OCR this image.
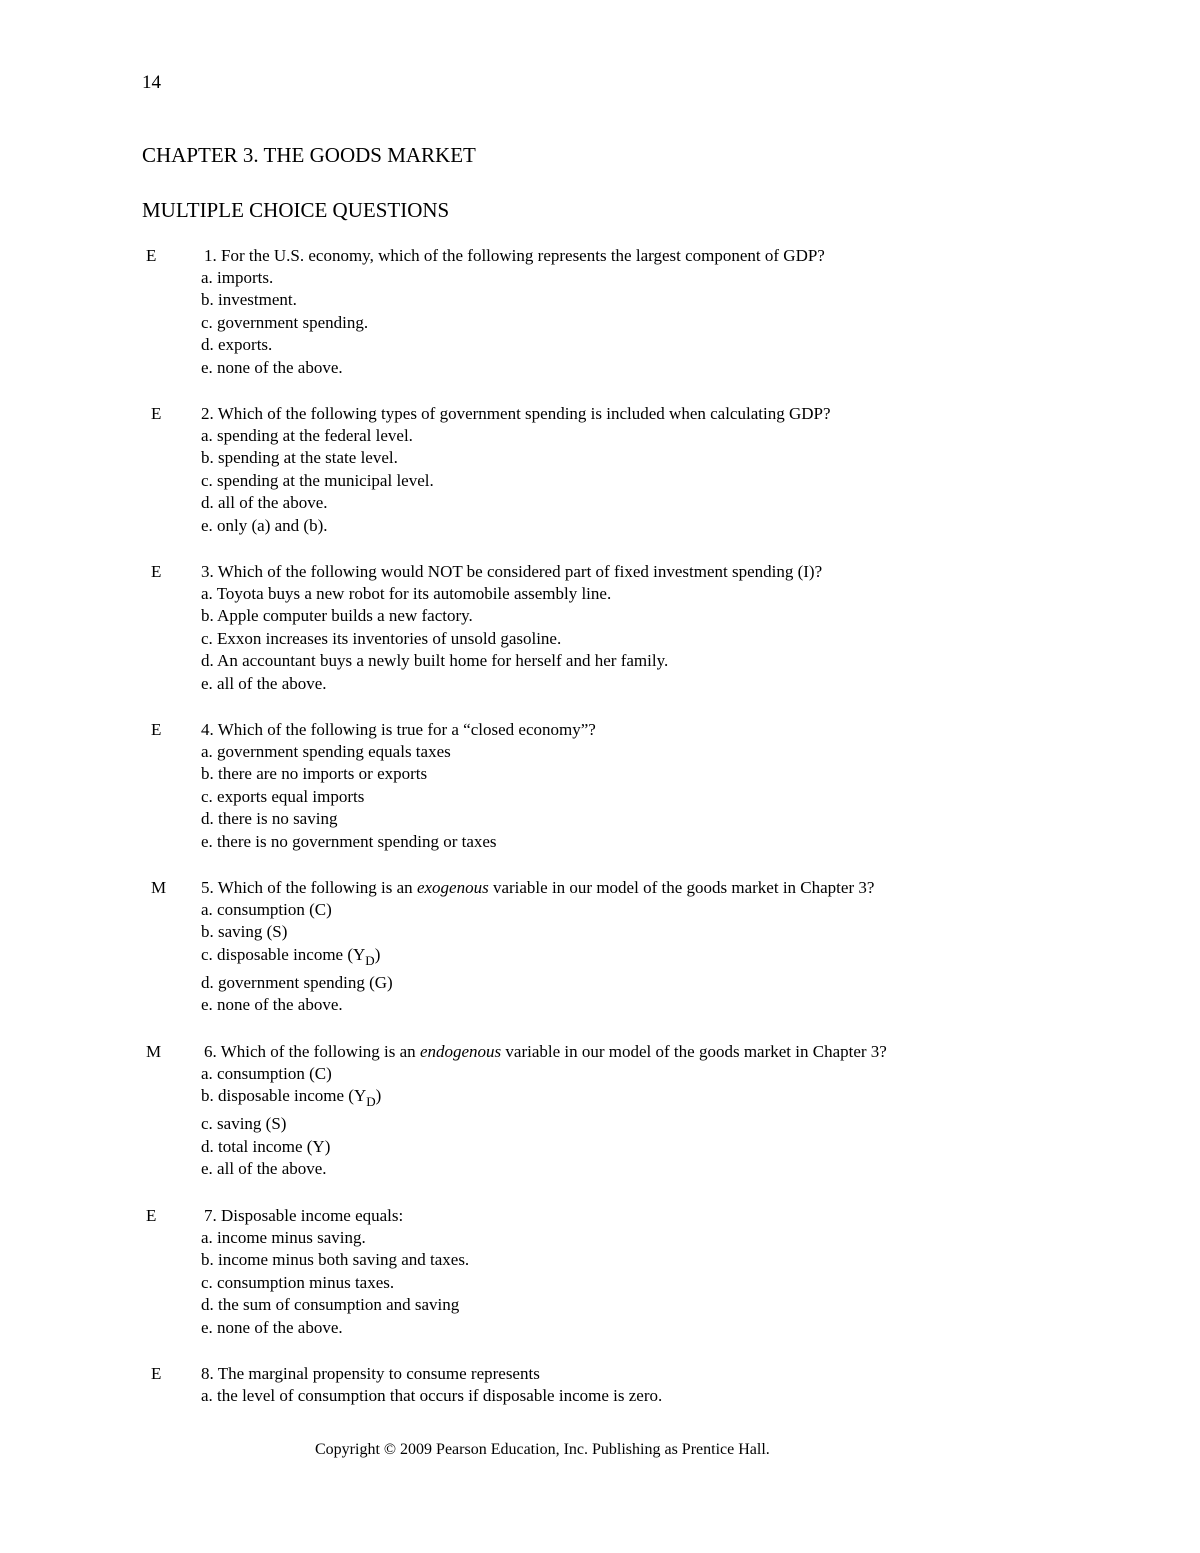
14
CHAPTER 3. THE GOODS MARKET
MULTIPLE CHOICE QUESTIONS
E	1. For the U.S. economy, which of the following represents the largest component of GDP?
a. imports.
b. investment.
c. government spending.
d. exports.
e. none of the above.
E 2. Which of the following types of government spending is included when calculating GDP?
a. spending at the federal level.
b. spending at the state level.
c. spending at the municipal level.
d. all of the above.
e. only (a) and (b).
E 3. Which of the following would NOT be considered part of fixed investment spending (I)?
a. Toyota buys a new robot for its automobile assembly line.
b. Apple computer builds a new factory.
c. Exxon increases its inventories of unsold gasoline.
d. An accountant buys a newly built home for herself and her family.
e. all of the above.
E 4. Which of the following is true for a “closed economy”?
a. government spending equals taxes
b. there are no imports or exports
c. exports equal imports
d. there is no saving
e. there is no government spending or taxes
M 5. Which of the following is an exogenous variable in our model of the goods market in Chapter 3?
a. consumption (C)
b. saving (S)
c. disposable income $(Y_D)$
d. government spending (G)
e. none of the above.
M	6. Which of the following is an endogenous variable in our model of the goods market in Chapter 3?
a. consumption (C)
b. disposable income $(Y_D)$
c. saving (S)
d. total income (Y)
e. all of the above.
E	7. Disposable income equals:
a. income minus saving.
b. income minus both saving and taxes.
c. consumption minus taxes.
d. the sum of consumption and saving
e. none of the above.
E 8. The marginal propensity to consume represents
a. the level of consumption that occurs if disposable income is zero.
Copyright © 2009 Pearson Education, Inc. Publishing as Prentice Hall.
